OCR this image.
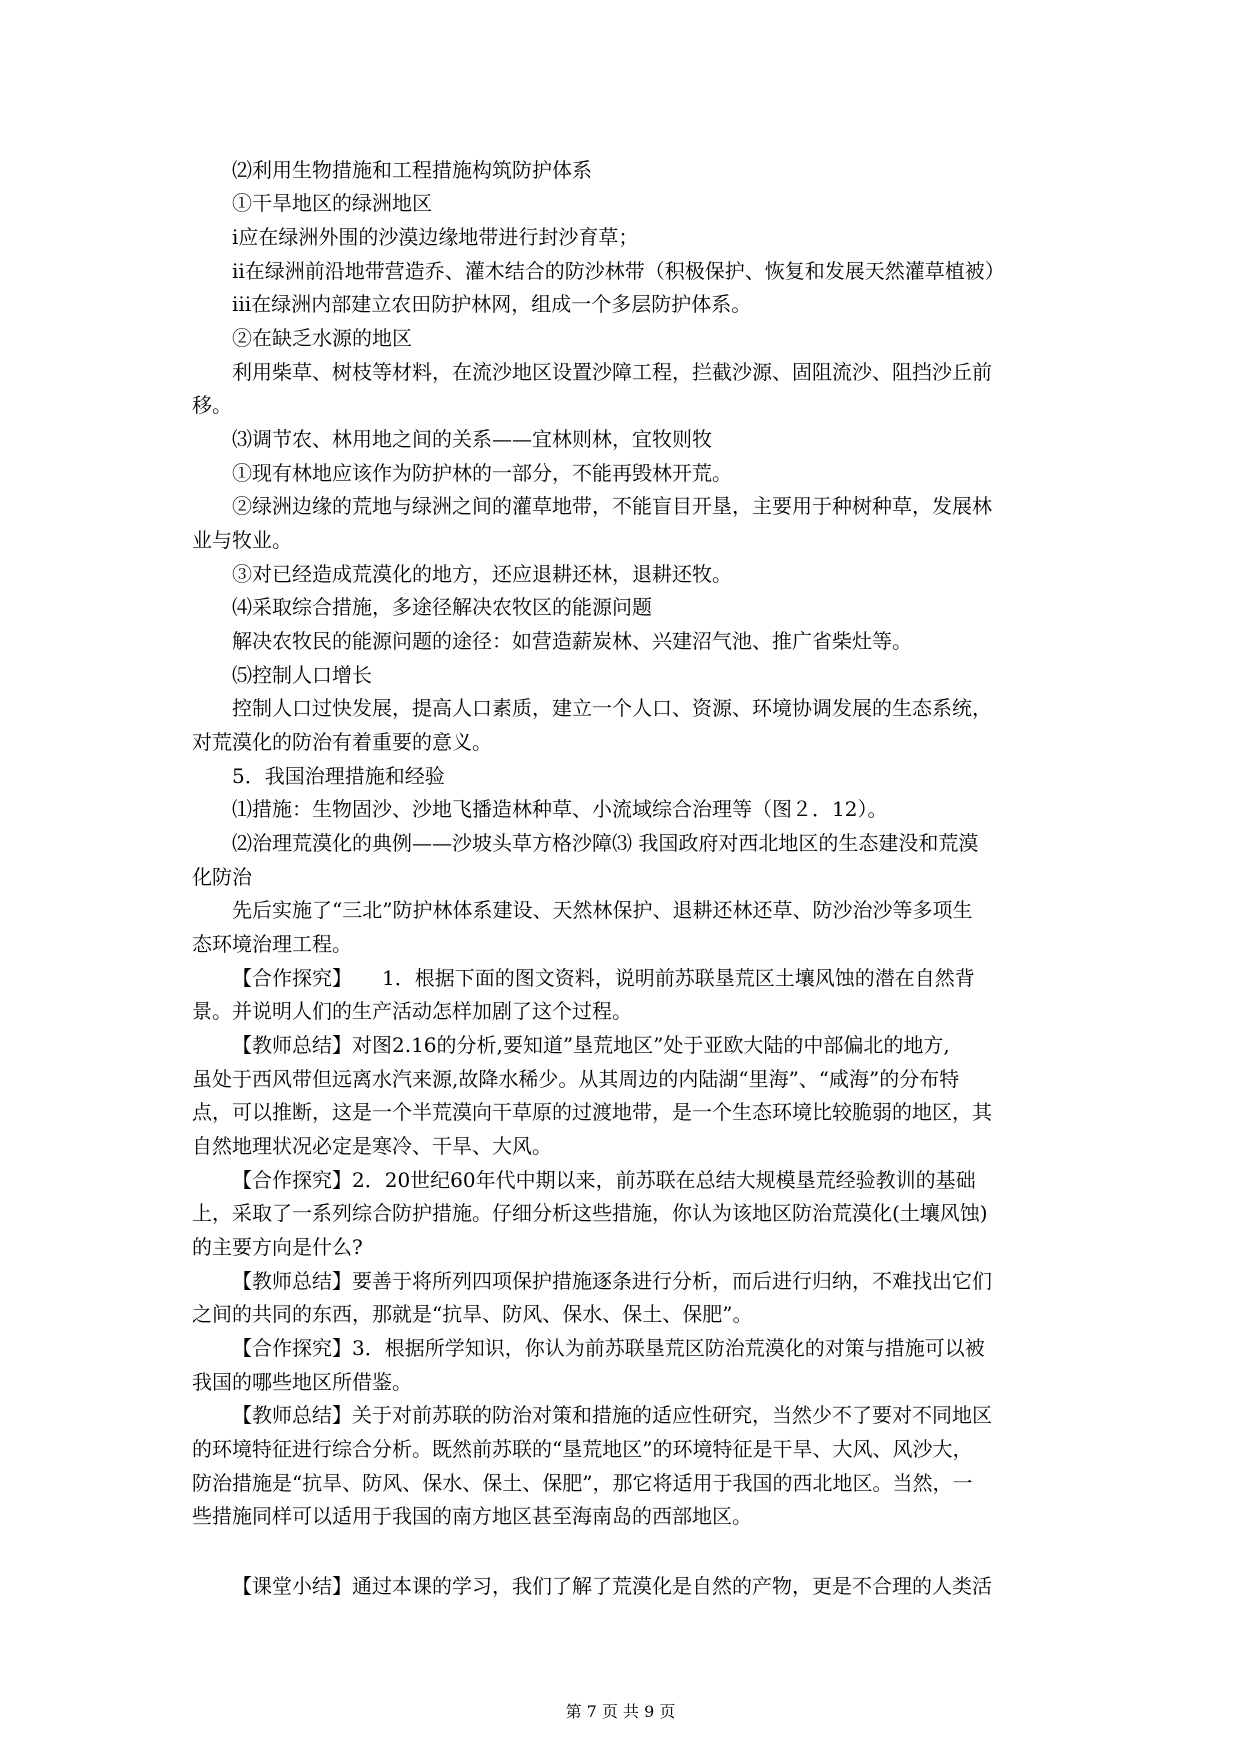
⑵利用生物措施和工程措施构筑防护体系
①干旱地区的绿洲地区
ⅰ应在绿洲外围的沙漠边缘地带进行封沙育草；
ⅱ在绿洲前沿地带营造乔、灌木结合的防沙林带（积极保护、恢复和发展天然灌草植被）
ⅲ在绿洲内部建立农田防护林网，组成一个多层防护体系。
②在缺乏水源的地区
利用柴草、树枝等材料，在流沙地区设置沙障工程，拦截沙源、固阻流沙、阻挡沙丘前
移。
⑶调节农、林用地之间的关系——宜林则林，宜牧则牧
①现有林地应该作为防护林的一部分，不能再毁林开荒。
②绿洲边缘的荒地与绿洲之间的灌草地带，不能盲目开垦，主要用于种树种草，发展林
业与牧业。
③对已经造成荒漠化的地方，还应退耕还林，退耕还牧。
⑷采取综合措施，多途径解决农牧区的能源问题
解决农牧民的能源问题的途径：如营造薪炭林、兴建沼气池、推广省柴灶等。
⑸控制人口增长
控制人口过快发展，提高人口素质，建立一个人口、资源、环境协调发展的生态系统，
对荒漠化的防治有着重要的意义。
5．我国治理措施和经验
⑴措施：生物固沙、沙地飞播造林种草、小流域综合治理等（图２．12）。
⑵治理荒漠化的典例——沙坡头草方格沙障⑶ 我国政府对西北地区的生态建没和荒漠
化防治
先后实施了“三北”防护林体系建设、天然林保护、退耕还林还草、防沙治沙等多项生
态环境治理工程。
【合作探究】　　1．根据下面的图文资料，说明前苏联垦荒区土壤风蚀的潜在自然背
景。并说明人们的生产活动怎样加剧了这个过程。
【教师总结】对图2.16的分析,要知道”垦荒地区”处于亚欧大陆的中部偏北的地方,
虽处于西风带但远离水汽来源,故降水稀少。从其周边的内陆湖“里海”、“咸海”的分布特
点，可以推断，这是一个半荒漠向干草原的过渡地带，是一个生态环境比较脆弱的地区，其
自然地理状况必定是寒冷、干旱、大风。
【合作探究】2．20世纪60年代中期以来，前苏联在总结大规模垦荒经验教训的基础
上，采取了一系列综合防护措施。仔细分析这些措施，你认为该地区防治荒漠化(土壤风蚀)
的主要方向是什么?
【教师总结】要善于将所列四项保护措施逐条进行分析，而后进行归纳，不难找出它们
之间的共同的东西，那就是“抗旱、防风、保水、保土、保肥”。
【合作探究】3．根据所学知识，你认为前苏联垦荒区防治荒漠化的对策与措施可以被
我国的哪些地区所借鉴。
【教师总结】关于对前苏联的防治对策和措施的适应性研究，当然少不了要对不同地区
的环境特征进行综合分析。既然前苏联的“垦荒地区”的环境特征是干旱、大风、风沙大，
防治措施是“抗旱、防风、保水、保土、保肥”，那它将适用于我国的西北地区。当然，一
些措施同样可以适用于我国的南方地区甚至海南岛的西部地区。
【课堂小结】通过本课的学习，我们了解了荒漠化是自然的产物，更是不合理的人类活
第 7 页 共 9 页
